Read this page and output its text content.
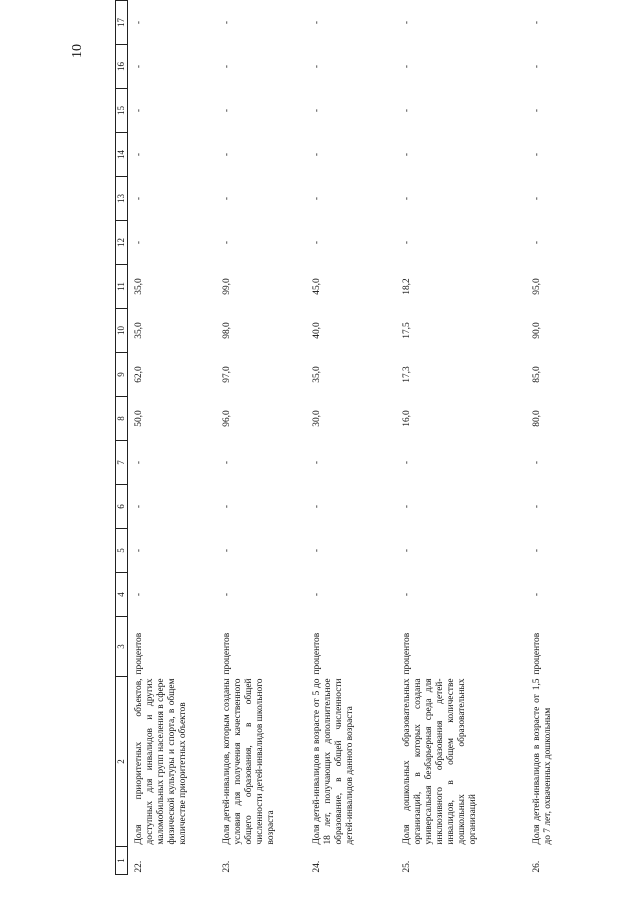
10
1	2	3	4	5	6	7	8	9	10	11	12	13	14	15	16	17
22.	Доля приоритетных объектов, доступных для инвалидов и других маломобильных групп населения в сфере физической культуры и спорта, в общем количестве приоритетных объектов	процентов	-	-	-	-	50,0	62,0	35,0	35,0	-	-	-	-	-	-
23.	Доля детей-инвалидов, которым созданы условия для получения качественного общего образования, в общей численности детей-инвалидов школьного возраста	процентов	-	-	-	-	96,0	97,0	98,0	99,0	-	-	-	-	-	-
24.	Доля детей-инвалидов в возрасте от 5 до 18 лет, получающих дополнительное образование, в общей численности детей-инвалидов данного возраста	процентов	-	-	-	-	30,0	35,0	40,0	45,0	-	-	-	-	-	-
25.	Доля дошкольных образовательных организаций, в которых создана универсальная безбарьерная среда для инклюзивного образования детей-инвалидов, в общем количестве дошкольных образовательных организаций	процентов	-	-	-	-	16,0	17,3	17,5	18,2	-	-	-	-	-	-
26.	Доля детей-инвалидов в возрасте от 1,5 до 7 лет, охваченных дошкольным	процентов	-	-	-	-	80,0	85,0	90,0	95,0	-	-	-	-	-	-
